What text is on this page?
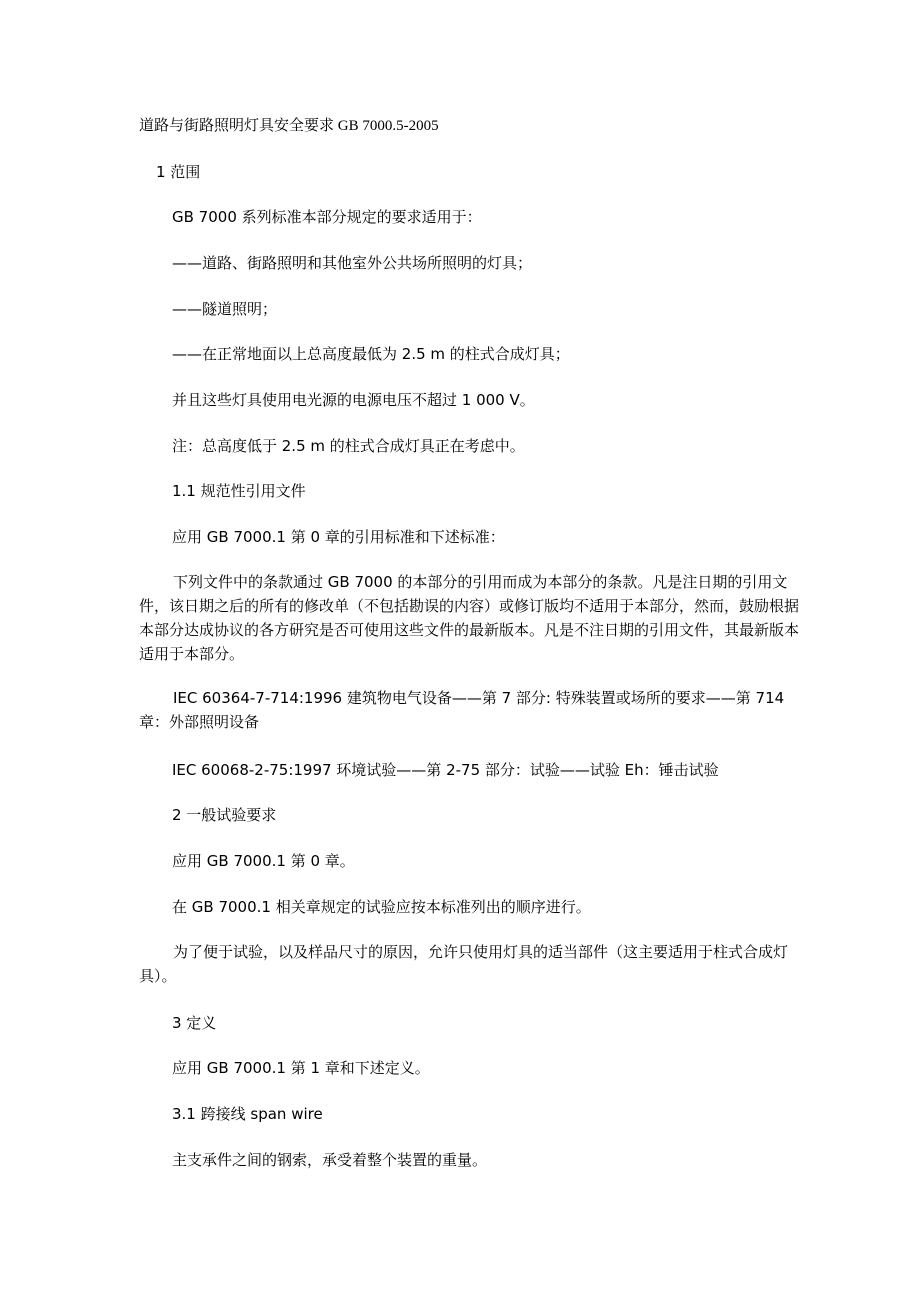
道路与街路照明灯具安全要求 GB 7000.5-2005
1 范围
GB 7000 系列标准本部分规定的要求适用于：
——道路、街路照明和其他室外公共场所照明的灯具；
——隧道照明；
——在正常地面以上总高度最低为 2.5 m 的柱式合成灯具；
并且这些灯具使用电光源的电源电压不超过 1 000 V。
注：总高度低于 2.5 m 的柱式合成灯具正在考虑中。
1.1 规范性引用文件
应用 GB 7000.1 第 0 章的引用标准和下述标准：
下列文件中的条款通过 GB 7000 的本部分的引用而成为本部分的条款。凡是注日期的引用文件，该日期之后的所有的修改单（不包括勘误的内容）或修订版均不适用于本部分，然而，鼓励根据本部分达成协议的各方研究是否可使用这些文件的最新版本。凡是不注日期的引用文件，其最新版本适用于本部分。
IEC 60364-7-714:1996 建筑物电气设备——第 7 部分: 特殊装置或场所的要求——第 714 章：外部照明设备
IEC 60068-2-75:1997 环境试验——第 2-75 部分：试验——试验 Eh：锤击试验
2 一般试验要求
应用 GB 7000.1 第 0 章。
在 GB 7000.1 相关章规定的试验应按本标准列出的顺序进行。
为了便于试验，以及样品尺寸的原因，允许只使用灯具的适当部件（这主要适用于柱式合成灯具）。
3 定义
应用 GB 7000.1 第 1 章和下述定义。
3.1 跨接线 span wire
主支承件之间的钢索，承受着整个装置的重量。
